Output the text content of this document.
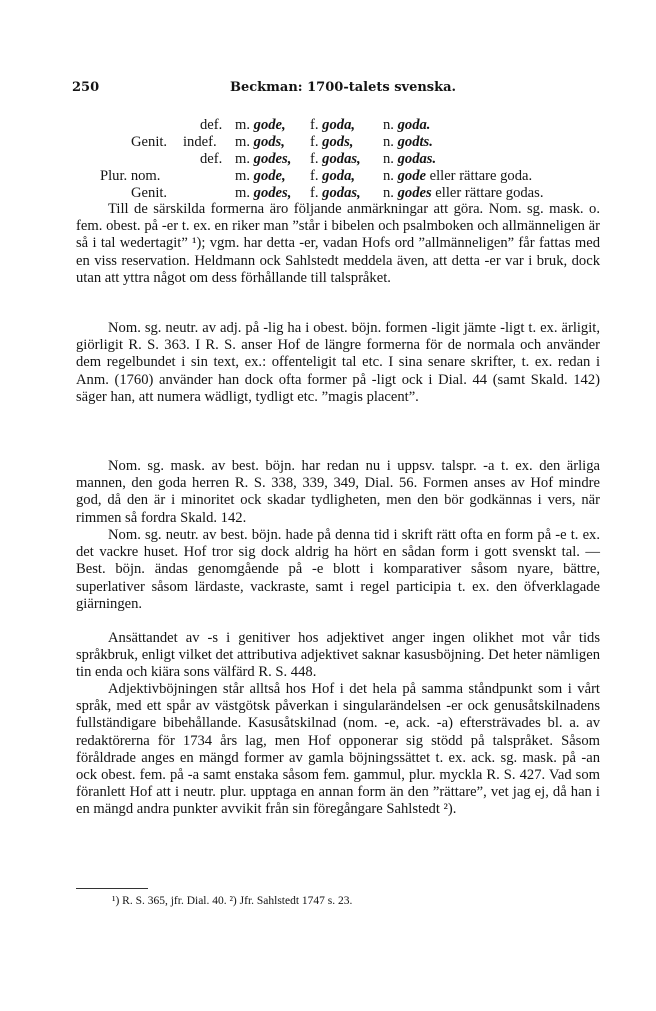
250	Beckman: 1700-talets svenska.
def. m. gode, f. goda, n. goda.
Genit. indef. m. gods, f. gods, n. godts.
def. m. godes, f. godas, n. godas.
Plur. nom.	m. gode, f. goda, n. gode eller rättare goda.
Genit.	m. godes, f. godas, n. godes eller rättare godas.

Till de särskilda formerna äro följande anmärkningar att göra. Nom. sg. mask. o. fem. obest. på -er t. ex. en riker man ”står i bibelen och psalmboken och allmänneligen är så i tal wedertagit” ¹); vgm. har detta -er, vadan Hofs ord ”allmänneligen” får fattas med en viss reservation. Heldmann ock Sahlstedt meddela även, att detta -er var i bruk, dock utan att yttra något om dess förhållande till talspråket.

Nom. sg. neutr. av adj. på -lig ha i obest. böjn. formen -ligit jämte -ligt t. ex. ärligit, giörligit R. S. 363. I R. S. anser Hof de längre formerna för de normala och använder dem regelbundet i sin text, ex.: offenteligit tal etc. I sina senare skrifter, t. ex. redan i Anm. (1760) använder han dock ofta former på -ligt ock i Dial. 44 (samt Skald. 142) säger han, att numera wädligt, tydligt etc. ”magis placent”.

Nom. sg. mask. av best. böjn. har redan nu i uppsv. talspr. -a t. ex. den ärliga mannen, den goda herren R. S. 338, 339, 349, Dial. 56. Formen anses av Hof mindre god, då den är i minoritet ock skadar tydligheten, men den bör godkännas i vers, när rimmen så fordra Skald. 142.

Nom. sg. neutr. av best. böjn. hade på denna tid i skrift rätt ofta en form på -e t. ex. det vackre huset. Hof tror sig dock aldrig ha hört en sådan form i gott svenskt tal. — Best. böjn. ändas genomgående på -e blott i komparativer såsom nyare, bättre, superlativer såsom lärdaste, vackraste, samt i regel participia t. ex. den öfverklagade giärningen.

Ansättandet av -s i genitiver hos adjektivet anger ingen olikhet mot vår tids språkbruk, enligt vilket det attributiva adjektivet saknar kasusböjning. Det heter nämligen tin enda och kiära sons välfärd R. S. 448.

Adjektivböjningen står alltså hos Hof i det hela på samma ståndpunkt som i vårt språk, med ett spår av västgötsk påverkan i singularändelsen -er ock genusåtskilnadens fullständigare bibehållande. Kasusåtskilnad (nom. -e, ack. -a) eftersträvades bl. a. av redaktörerna för 1734 års lag, men Hof opponerar sig stödd på talspråket. Såsom föråldrade anges en mängd former av gamla böjningssättet t. ex. ack. sg. mask. på -an ock obest. fem. på -a samt enstaka såsom fem. gammul, plur. myckla R. S. 427. Vad som föranlett Hof att i neutr. plur. upptaga en annan form än den ”rättare”, vet jag ej, då han i en mängd andra punkter avvikit från sin föregångare Sahlstedt ²).

¹) R. S. 365, jfr. Dial. 40. ²) Jfr. Sahlstedt 1747 s. 23.
